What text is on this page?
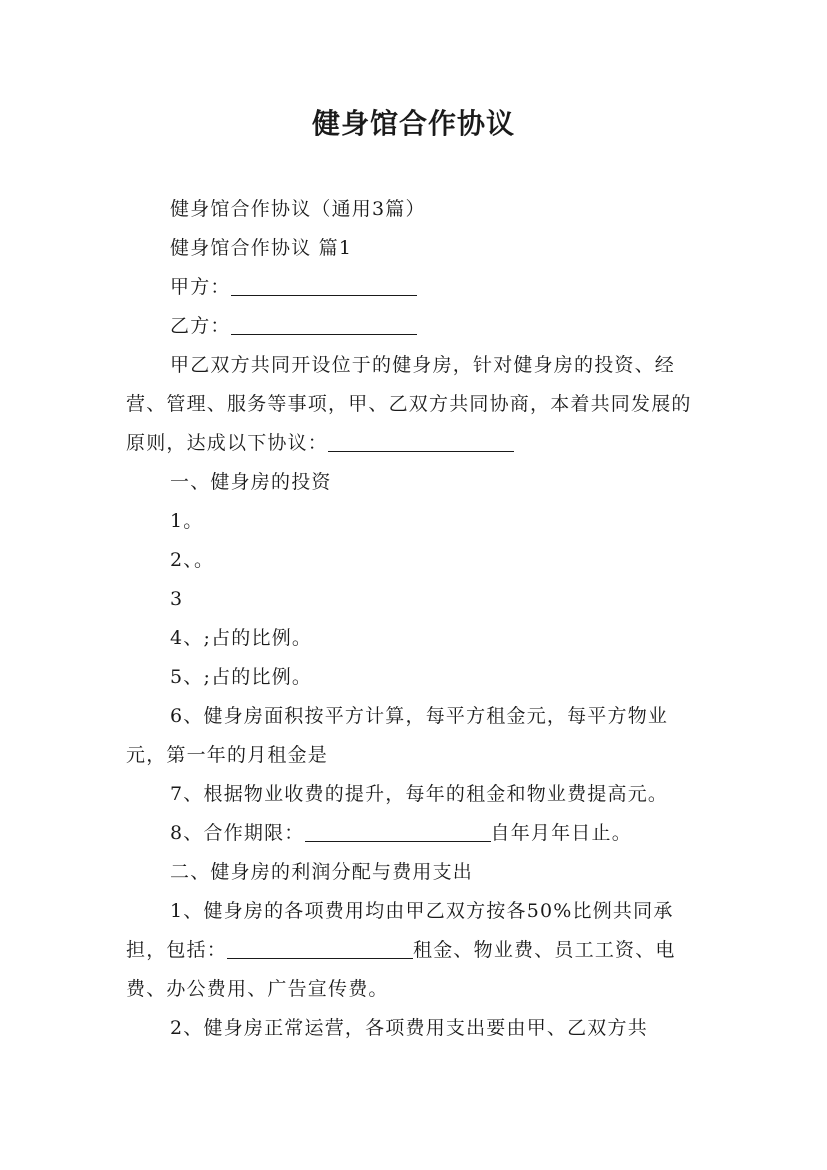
健身馆合作协议

健身馆合作协议（通用3篇）

健身馆合作协议 篇1

甲方：

乙方：

甲乙双方共同开设位于的健身房，针对健身房的投资、经营、管理、服务等事项，甲、乙双方共同协商，本着共同发展的原则，达成以下协议：

一、健身房的投资

1。

2、。

3

4、;占的比例。

5、;占的比例。

6、健身房面积按平方计算，每平方租金元，每平方物业元，第一年的月租金是

7、根据物业收费的提升，每年的租金和物业费提高元。

8、合作期限：	自年月年日止。

二、健身房的利润分配与费用支出

1、健身房的各项费用均由甲乙双方按各50%比例共同承担，包括：	租金、物业费、员工工资、电费、办公费用、广告宣传费。

2、健身房正常运营，各项费用支出要由甲、乙双方共
